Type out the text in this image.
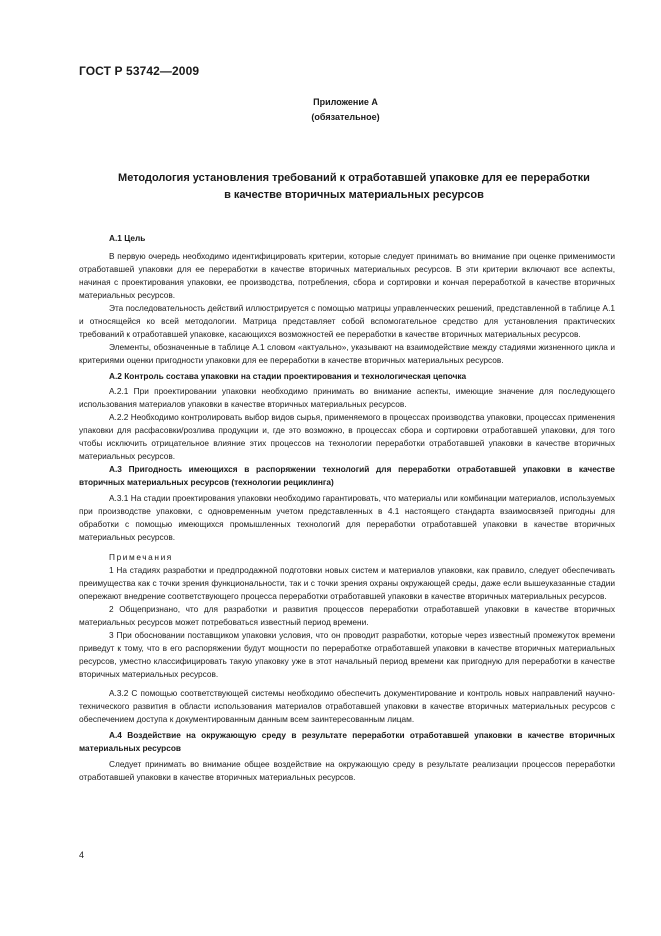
ГОСТ Р 53742—2009
Приложение А
(обязательное)
Методология установления требований к отработавшей упаковке для ее переработки
в качестве вторичных материальных ресурсов

А.1 Цель

В первую очередь необходимо идентифицировать критерии, которые следует принимать во внимание при оценке применимости отработавшей упаковки для ее переработки в качестве вторичных материальных ресурсов. В эти критерии включают все аспекты, начиная с проектирования упаковки, ее производства, потребления, сбора и сортировки и кончая переработкой в качестве вторичных материальных ресурсов.

Эта последовательность действий иллюстрируется с помощью матрицы управленческих решений, представленной в таблице А.1 и относящейся ко всей методологии. Матрица представляет собой вспомогательное средство для установления практических требований к отработавшей упаковке, касающихся возможностей ее переработки в качестве вторичных материальных ресурсов.

Элементы, обозначенные в таблице А.1 словом «актуально», указывают на взаимодействие между стадиями жизненного цикла и критериями оценки пригодности упаковки для ее переработки в качестве вторичных материальных ресурсов.

А.2 Контроль состава упаковки на стадии проектирования и технологическая цепочка

А.2.1 При проектировании упаковки необходимо принимать во внимание аспекты, имеющие значение для последующего использования материалов упаковки в качестве вторичных материальных ресурсов.

А.2.2 Необходимо контролировать выбор видов сырья, применяемого в процессах производства упаковки, процессах применения упаковки для расфасовки/розлива продукции и, где это возможно, в процессах сбора и сортировки отработавшей упаковки, для того чтобы исключить отрицательное влияние этих процессов на технологии переработки отработавшей упаковки в качестве вторичных материальных ресурсов.

А.3 Пригодность имеющихся в распоряжении технологий для переработки отработавшей упаковки в качестве вторичных материальных ресурсов (технологии рециклинга)

А.3.1 На стадии проектирования упаковки необходимо гарантировать, что материалы или комбинации материалов, используемых при производстве упаковки, с одновременным учетом представленных в 4.1 настоящего стандарта взаимосвязей пригодны для обработки с помощью имеющихся промышленных технологий для переработки отработавшей упаковки в качестве вторичных материальных ресурсов.

Примечания

1 На стадиях разработки и предпродажной подготовки новых систем и материалов упаковки, как правило, следует обеспечивать преимущества как с точки зрения функциональности, так и с точки зрения охраны окружающей среды, даже если вышеуказанные стадии опережают внедрение соответствующего процесса переработки отработавшей упаковки в качестве вторичных материальных ресурсов.

2 Общепризнано, что для разработки и развития процессов переработки отработавшей упаковки в качестве вторичных материальных ресурсов может потребоваться известный период времени.

3 При обосновании поставщиком упаковки условия, что он проводит разработки, которые через известный промежуток времени приведут к тому, что в его распоряжении будут мощности по переработке отработавшей упаковки в качестве вторичных материальных ресурсов, уместно классифицировать такую упаковку уже в этот начальный период времени как пригодную для переработки в качестве вторичных материальных ресурсов.

А.3.2 С помощью соответствующей системы необходимо обеспечить документирование и контроль новых направлений научно-технического развития в области использования материалов отработавшей упаковки в качестве вторичных материальных ресурсов с обеспечением доступа к документированным данным всем заинтересованным лицам.

А.4 Воздействие на окружающую среду в результате переработки отработавшей упаковки в качестве вторичных материальных ресурсов

Следует принимать во внимание общее воздействие на окружающую среду в результате реализации процессов переработки отработавшей упаковки в качестве вторичных материальных ресурсов.

4
